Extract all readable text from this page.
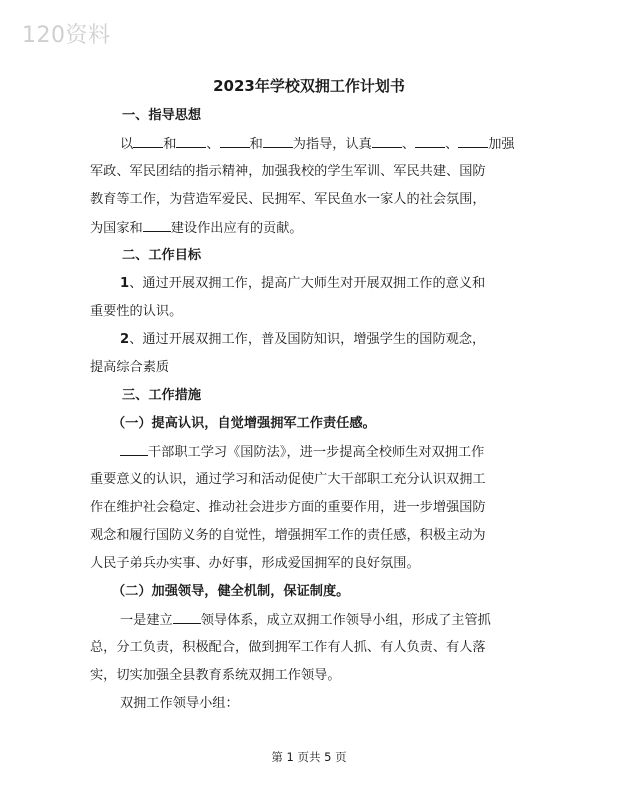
120资料
2023年学校双拥工作计划书
一、指导思想
以 和 、 和 为指导，认真 、 、 加强
军政、军民团结的指示精神，加强我校的学生军训、军民共建、国防
教育等工作，为营造军爱民、民拥军、军民鱼水一家人的社会氛围，
为国家和 建设作出应有的贡献。
二、工作目标
1、通过开展双拥工作，提高广大师生对开展双拥工作的意义和
重要性的认识。
2、通过开展双拥工作，普及国防知识，增强学生的国防观念，
提高综合素质
三、工作措施
（一）提高认识，自觉增强拥军工作责任感。
干部职工学习《国防法》，进一步提高全校师生对双拥工作
重要意义的认识，通过学习和活动促使广大干部职工充分认识双拥工
作在维护社会稳定、推动社会进步方面的重要作用，进一步增强国防
观念和履行国防义务的自觉性，增强拥军工作的责任感，积极主动为
人民子弟兵办实事、办好事，形成爱国拥军的良好氛围。
（二）加强领导，健全机制，保证制度。
一是建立 领导体系，成立双拥工作领导小组，形成了主管抓
总，分工负责，积极配合，做到拥军工作有人抓、有人负责、有人落
实，切实加强全县教育系统双拥工作领导。
双拥工作领导小组：
第 1 页共 5 页
